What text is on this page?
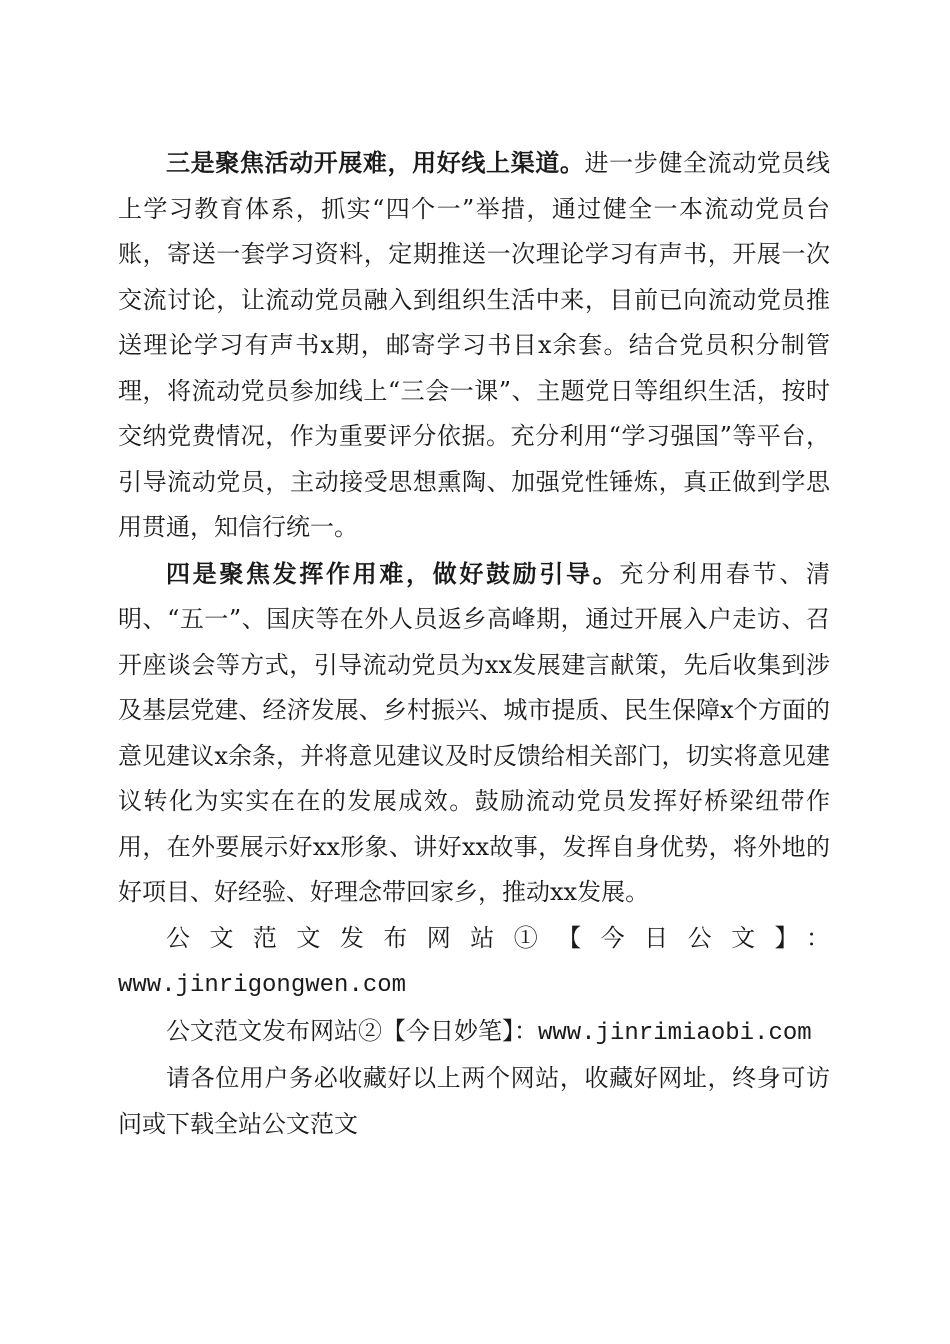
三是聚焦活动开展难，用好线上渠道。进一步健全流动党员线上学习教育体系，抓实“四个一”举措，通过健全一本流动党员台账，寄送一套学习资料，定期推送一次理论学习有声书，开展一次交流讨论，让流动党员融入到组织生活中来，目前已向流动党员推送理论学习有声书x期，邮寄学习书目x余套。结合党员积分制管理，将流动党员参加线上“三会一课”、主题党日等组织生活，按时交纳党费情况，作为重要评分依据。充分利用“学习强国”等平台，引导流动党员，主动接受思想熏陶、加强党性锤炼，真正做到学思用贯通，知信行统一。

四是聚焦发挥作用难，做好鼓励引导。充分利用春节、清明、“五一”、国庆等在外人员返乡高峰期，通过开展入户走访、召开座谈会等方式，引导流动党员为xx发展建言献策，先后收集到涉及基层党建、经济发展、乡村振兴、城市提质、民生保障x个方面的意见建议x余条，并将意见建议及时反馈给相关部门，切实将意见建议转化为实实在在的发展成效。鼓励流动党员发挥好桥梁纽带作用，在外要展示好xx形象、讲好xx故事，发挥自身优势，将外地的好项目、好经验、好理念带回家乡，推动xx发展。

公文范文发布网站①【今日公文】：

www.jinrigongwen.com

公文范文发布网站②【今日妙笔】：www.jinrimiaobi.com

请各位用户务必收藏好以上两个网站，收藏好网址，终身可访问或下载全站公文范文
